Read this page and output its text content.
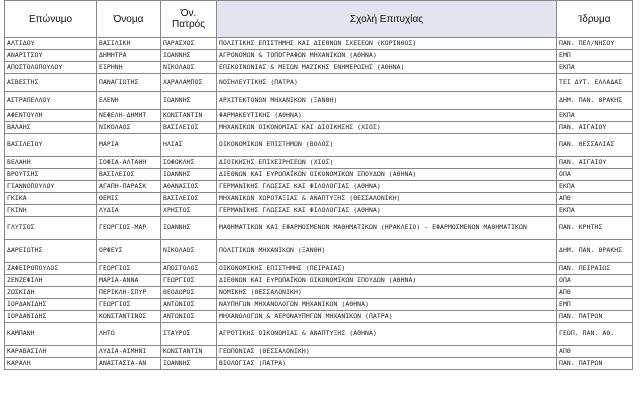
Επώνυμο	Όνομα	Όν. Πατρός	Σχολή Επιτυχίας	Ίδρυμα
ΑΛΤΙΔΟΥ	ΒΑΣΙΛΙΚΗ	ΠΑΡΑΣΧΟΣ	ΠΟΛΙΤΙΚΗΣ ΕΠΙΣΤΗΜΗΣ ΚΑΙ ΔΙΕΘΝΩΝ ΣΧΕΣΕΩΝ (ΚΟΡΙΝΘΟΣ)	ΠΑΝ. ΠΕΛ/ΝΗΣΟΥ
ΑΝΑΡΙΤΣΟΥ	ΔΗΜΗΤΡΑ	ΙΩΑΝΝΗΣ	ΑΓΡΟΝΟΜΩΝ & ΤΟΠΟΓΡΑΦΩΝ ΜΗΧΑΝΙΚΩΝ (ΑΘΗΝΑ)	ΕΜΠ
ΑΠΟΣΤΟΛΟΠΟΥΛΟΥ	ΕΙΡΗΝΗ	ΝΙΚΟΛΑΟΣ	ΕΠΙΚΟΙΝΩΝΙΑΣ & ΜΕΣΩΝ ΜΑΖΙΚΗΣ ΕΝΗΜΕΡΩΣΗΣ (ΑΘΗΝΑ)	ΕΚΠΑ
ΑΣΒΕΣΤΗΣ	ΠΑΝΑΓΙΩΤΗΣ	ΧΑΡΑΛΑΜΠΟΣ	ΝΟΣΗΛΕΥΤΙΚΗΣ (ΠΑΤΡΑ)	ΤΕΙ ΔΥΤ. ΕΛΛΑΔΑΣ
ΑΣΤΡΑΠΕΛΛΟΥ	ΕΛΕΝΗ	ΙΩΑΝΝΗΣ	ΑΡΧΙΤΕΚΤΟΝΩΝ ΜΗΧΑΝΙΚΩΝ (ΞΑΝΘΗ)	ΔΗΜ. ΠΑΝ. ΘΡΑΚΗΣ
ΑΦΕΝΤΟΥΛΗ	ΝΕΦΕΛΗ-ΔΗΜΗΤ	ΚΩΝΣΤΑΝΤΙΝ	ΦΑΡΜΑΚΕΥΤΙΚΗΣ (ΑΘΗΝΑ)	ΕΚΠΑ
ΒΑΛΑΗΣ	ΝΙΚΟΛΑΟΣ	ΒΑΣΙΛΕΙΟΣ	ΜΗΧΑΝΙΚΩΝ ΟΙΚΟΝΟΜΙΑΣ ΚΑΙ ΔΙΟΙΚΗΣΗΣ (ΧΙΟΣ)	ΠΑΝ. ΑΙΓΑΙΟΥ
ΒΑΣΙΛΕΙΟΥ	ΜΑΡΙΑ	ΗΛΙΑΣ	ΟΙΚΟΝΟΜΙΚΩΝ ΕΠΙΣΤΗΜΩΝ (ΒΟΛΟΣ)	ΠΑΝ. ΘΕΣΣΑΛΙΑΣ
ΒΕΛΑΗΗ	ΣΟΦΙΑ-ΑΛΤΑΗΗ	ΣΟΦΟΚΛΗΣ	ΔΙΟΙΚΗΣΗΣ ΕΠΙΧΕΙΡΗΣΕΩΝ (ΧΙΟΣ)	ΠΑΝ. ΑΙΓΑΙΟΥ
ΒΡΟΥΤΣΗΣ	ΒΑΣΙΛΕΙΟΣ	ΙΩΑΝΝΗΣ	ΔΙΕΘΝΩΝ ΚΑΙ ΕΥΡΩΠΑΪΚΩΝ ΟΙΚΟΝΟΜΙΚΩΝ ΣΠΟΥΔΩΝ (ΑΘΗΝΑ)	ΟΠΑ
ΓΙΑΝΝΟΠΟΥΛΟΥ	ΑΓΑΠΗ-ΠΑΡΑΣΚ	ΑΘΑΝΑΣΙΟΣ	ΓΕΡΜΑΝΙΚΗΣ ΓΛΩΣΣΑΣ ΚΑΙ ΦΙΛΟΛΟΓΙΑΣ (ΑΘΗΝΑ)	ΕΚΠΑ
ΓΚΙΚΑ	ΘΕΜΙΣ	ΒΑΣΙΛΕΙΟΣ	ΜΗΧΑΝΙΚΩΝ ΧΩΡΟΤΑΞΙΑΣ & ΑΝΑΠΤΥΞΗΣ (ΘΕΣΣΑΛΟΝΙΚΗ)	ΑΠΘ
ΓΚΙΝΗ	ΛΥΔΙΑ	ΧΡΗΣΤΟΣ	ΓΕΡΜΑΝΙΚΗΣ ΓΛΩΣΣΑΣ ΚΑΙ ΦΙΛΟΛΟΓΙΑΣ (ΑΘΗΝΑ)	ΕΚΠΑ
ΓΛΥΤΣΟΣ	ΓΕΩΡΓΙΟΣ-ΜΑΡ	ΙΩΑΝΝΗΣ	ΜΑΘΗΜΑΤΙΚΩΝ ΚΑΙ ΕΦΑΡΜΟΣΜΕΝΩΝ ΜΑΘΗΜΑΤΙΚΩΝ (ΗΡΑΚΛΕΙΟ) - ΕΦΑΡΜΟΣΜΕΝΩΝ ΜΑΘΗΜΑΤΙΚΩΝ	ΠΑΝ. ΚΡΗΤΗΣ
ΔΑΡΕΙΩΤΗΣ	ΟΡΦΕΥΣ	ΝΙΚΟΛΑΟΣ	ΠΟΛΙΤΙΚΩΝ ΜΗΧΑΝΙΚΩΝ (ΞΑΝΘΗ)	ΔΗΜ. ΠΑΝ. ΘΡΑΚΗΣ
ΖΑΦΕΙΡΟΠΟΥΛΟΣ	ΓΕΩΡΓΙΟΣ	ΑΠΟΣΤΟΛΟΣ	ΟΙΚΟΝΟΜΙΚΗΣ ΕΠΙΣΤΗΜΗΣ (ΠΕΙΡΑΙΑΣ)	ΠΑΝ. ΠΕΙΡΑΙΩΣ
ΖΕΝΖΕΦΙΛΗ	ΜΑΡΙΑ-ΑΝΝΑ	ΓΕΩΡΓΙΟΣ	ΔΙΕΘΝΩΝ ΚΑΙ ΕΥΡΩΠΑΪΚΩΝ ΟΙΚΟΝΟΜΙΚΩΝ ΣΠΟΥΔΩΝ (ΑΘΗΝΑ)	ΟΠΑ
ΖΩΣΚΙΔΗ	ΠΕΡΙΚΛΗ-ΣΠΥΡ	ΘΕΟΔΩΡΟΣ	ΝΟΜΙΚΗΣ (ΘΕΣΣΑΛΟΝΙΚΗ)	ΑΠΘ
ΙΟΡΔΑΝΙΔΗΣ	ΓΕΩΡΓΙΟΣ	ΑΝΤΩΝΙΟΣ	ΝΑΥΠΗΓΩΝ ΜΗΧΑΝΟΛΟΓΩΝ ΜΗΧΑΝΙΚΩΝ (ΑΘΗΝΑ)	ΕΜΠ
ΙΟΡΔΑΝΙΔΗΣ	ΚΩΝΣΤΑΝΤΙΝΟΣ	ΑΝΤΩΝΙΟΣ	ΜΗΧΑΝΟΛΟΓΩΝ & ΑΕΡΟΝΑΥΠΗΓΩΝ ΜΗΧΑΝΙΚΩΝ (ΠΑΤΡΑ)	ΠΑΝ. ΠΑΤΡΩΝ
ΚΑΜΠΑΝΗ	ΛΗΤΩ	ΣΤΑΥΡΟΣ	ΑΓΡΟΤΙΚΗΣ ΟΙΚΟΝΟΜΙΑΣ & ΑΝΑΠΤΥΞΗΣ (ΑΘΗΝΑ)	ΓΕΩΠ. ΠΑΝ. ΑΘ.
ΚΑΡΑΒΑΣΙΛΗ	ΛΥΔΙΑ-ΑΙΜΗΝΙ	ΚΩΝΣΤΑΝΤΙΝ	ΓΕΩΠΟΝΙΑΣ (ΘΕΣΣΑΛΟΝΙΚΗ)	ΑΠΘ
ΚΑΡΑΛΗ	ΑΝΑΣΤΑΣΙΑ-ΑΝ	ΙΩΑΝΝΗΣ	ΒΙΟΛΟΓΙΑΣ (ΠΑΤΡΑ)	ΠΑΝ. ΠΑΤΡΩΝ
